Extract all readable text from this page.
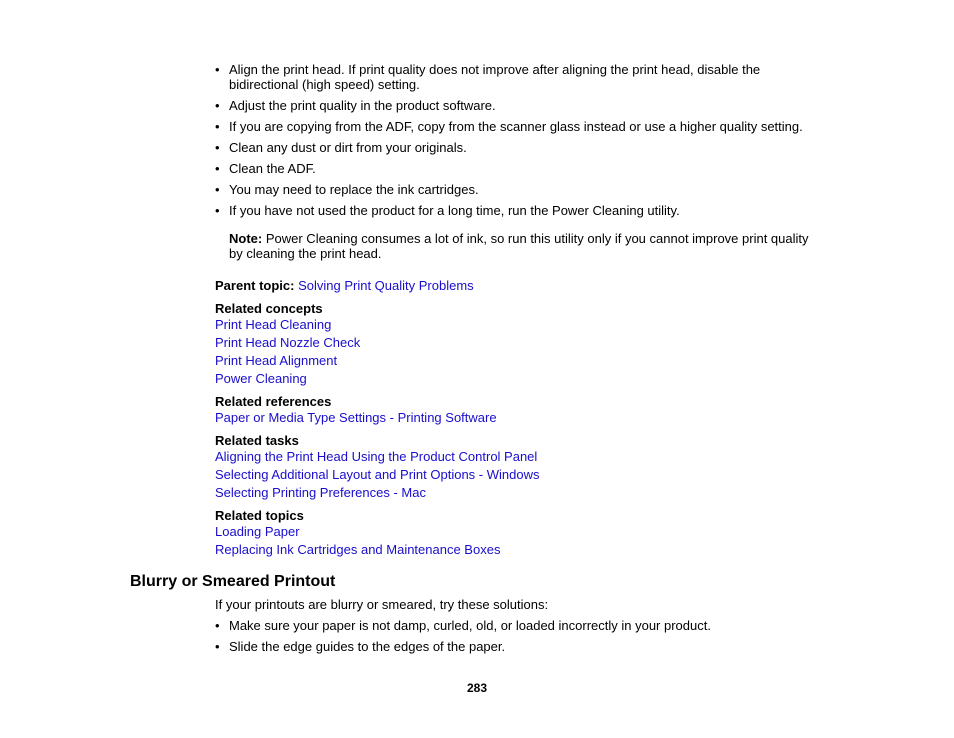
• Align the print head. If print quality does not improve after aligning the print head, disable the bidirectional (high speed) setting.
• Adjust the print quality in the product software.
• If you are copying from the ADF, copy from the scanner glass instead or use a higher quality setting.
• Clean any dust or dirt from your originals.
• Clean the ADF.
• You may need to replace the ink cartridges.
• If you have not used the product for a long time, run the Power Cleaning utility.
Note: Power Cleaning consumes a lot of ink, so run this utility only if you cannot improve print quality by cleaning the print head.
Parent topic: Solving Print Quality Problems
Related concepts
Print Head Cleaning
Print Head Nozzle Check
Print Head Alignment
Power Cleaning
Related references
Paper or Media Type Settings - Printing Software
Related tasks
Aligning the Print Head Using the Product Control Panel
Selecting Additional Layout and Print Options - Windows
Selecting Printing Preferences - Mac
Related topics
Loading Paper
Replacing Ink Cartridges and Maintenance Boxes
Blurry or Smeared Printout
If your printouts are blurry or smeared, try these solutions:
• Make sure your paper is not damp, curled, old, or loaded incorrectly in your product.
• Slide the edge guides to the edges of the paper.
283
